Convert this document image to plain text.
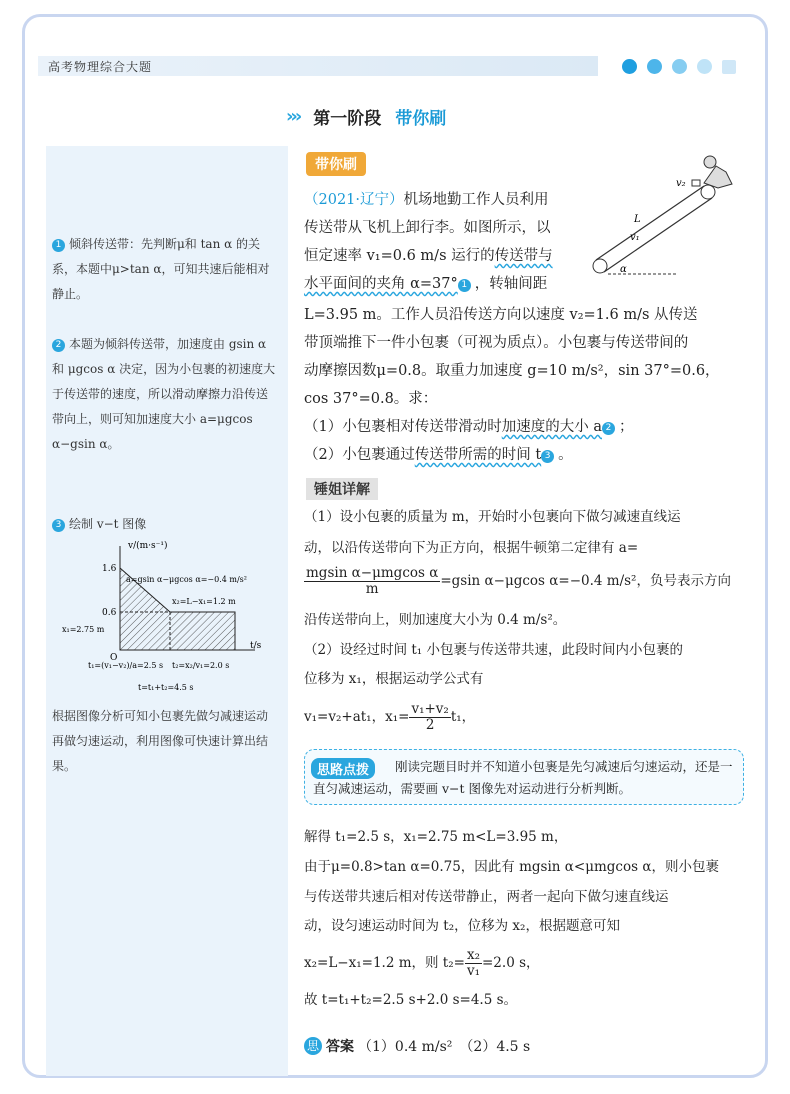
高考物理综合大题
››› 第一阶段 带你刷
1 倾斜传送带：先判断μ和 tan α 的关系，本题中μ>tan α，可知共速后能相对静止。
2 本题为倾斜传送带，加速度由 gsin α 和 μgcos α 决定，因为小包裹的初速度大于传送带的速度，所以滑动摩擦力沿传送带向上，则可知加速度大小 a=μgcos α−gsin α。
3 绘制 v−t 图像
v/(m·s⁻¹)
t/s
1.6
0.6
O
a=gsin α−μgcos α=−0.4 m/s²
x₂=L−x₁=1.2 m
x₁=2.75 m
t₁=(v₁−v₂)/a=2.5 s t₂=x₂/v₁=2.0 s
t=t₁+t₂=4.5 s
根据图像分析可知小包裹先做匀减速运动再做匀速运动，利用图像可快速计算出结果。
带你刷
v₂
L
v₁
α
（2021·辽宁）机场地勤工作人员利用
传送带从飞机上卸行李。如图所示，以
恒定速率 v₁=0.6 m/s 运行的传送带与
水平面间的夹角 α=37° 1 ，转轴间距
L=3.95 m。工作人员沿传送方向以速度 v₂=1.6 m/s 从传送
带顶端推下一件小包裹（可视为质点）。小包裹与传送带间的
动摩擦因数μ=0.8。取重力加速度 g=10 m/s²，sin 37°=0.6，
cos 37°=0.8。求：
（1）小包裹相对传送带滑动时加速度的大小 a 2 ；
（2）小包裹通过传送带所需的时间 t 3 。
锤姐详解
（1）设小包裹的质量为 m，开始时小包裹向下做匀减速直线运
动，以沿传送带向下为正方向，根据牛顿第二定律有 a=
$\frac{\text{mgsin α−μmgcos α}}{m} =gsin$ α−μgcos α=−0.4 m/s²，负号表示方向
沿传送带向上，则加速度大小为 0.4 m/s²。
（2）设经过时间 t₁ 小包裹与传送带共速，此段时间内小包裹的
位移为 x₁，根据运动学公式有
v₁=v₂+at₁，$x_1= \frac{\text{v₁+v₂}}{2} t_1$，
刚读完题目时并不知道小包裹是先匀减速后匀速运动，还是一直匀减速运动，需要画 v−t 图像先对运动进行分析判断。
思路点拨
解得 t₁=2.5 s，x₁=2.75 m<L=3.95 m，
由于μ=0.8>tan α=0.75，因此有 mgsin α<μmgcos α，则小包裹
与传送带共速后相对传送带静止，两者一起向下做匀速直线运
动，设匀速运动时间为 t₂，位移为 x₂，根据题意可知
x₂=L−x₁=1.2 m，则 $t_2= \frac{\text{x₂}}{\text{v₁}} =2.0$ s，
故 t=t₁+t₂=2.5 s+2.0 s=4.5 s。
思 答案 （1）0.4 m/s²　（2）4.5 s
